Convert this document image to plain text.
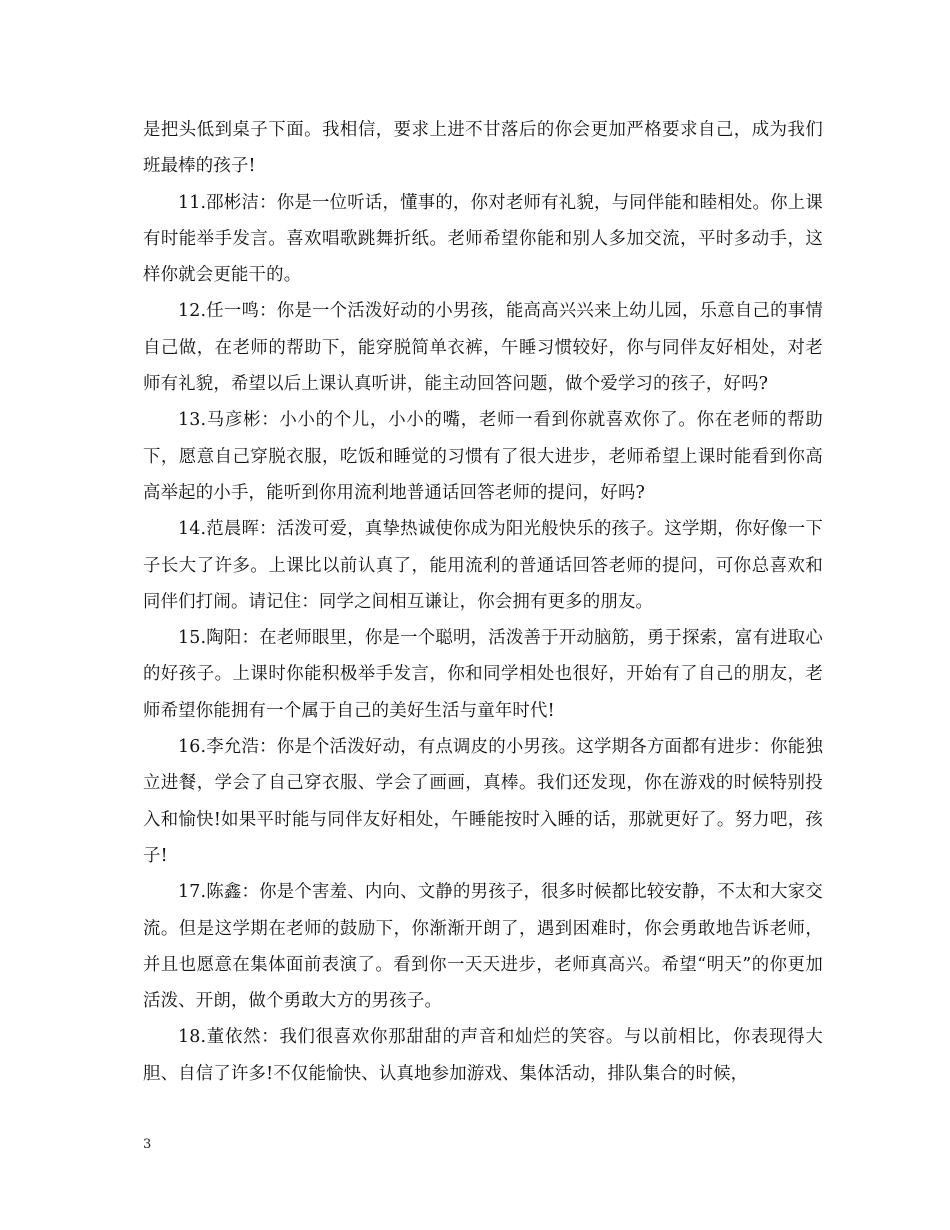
是把头低到桌子下面。我相信，要求上进不甘落后的你会更加严格要求自己，成为我们班最棒的孩子!

11.邵彬洁：你是一位听话，懂事的，你对老师有礼貌，与同伴能和睦相处。你上课有时能举手发言。喜欢唱歌跳舞折纸。老师希望你能和别人多加交流，平时多动手，这样你就会更能干的。

12.任一鸣：你是一个活泼好动的小男孩，能高高兴兴来上幼儿园，乐意自己的事情自己做，在老师的帮助下，能穿脱简单衣裤，午睡习惯较好，你与同伴友好相处，对老师有礼貌，希望以后上课认真听讲，能主动回答问题，做个爱学习的孩子，好吗?

13.马彦彬：小小的个儿，小小的嘴，老师一看到你就喜欢你了。你在老师的帮助下，愿意自己穿脱衣服，吃饭和睡觉的习惯有了很大进步，老师希望上课时能看到你高高举起的小手，能听到你用流利地普通话回答老师的提问，好吗?

14.范晨晖：活泼可爱，真挚热诚使你成为阳光般快乐的孩子。这学期，你好像一下子长大了许多。上课比以前认真了，能用流利的普通话回答老师的提问，可你总喜欢和同伴们打闹。请记住：同学之间相互谦让，你会拥有更多的朋友。

15.陶阳：在老师眼里，你是一个聪明，活泼善于开动脑筋，勇于探索，富有进取心的好孩子。上课时你能积极举手发言，你和同学相处也很好，开始有了自己的朋友，老师希望你能拥有一个属于自己的美好生活与童年时代!

16.李允浩：你是个活泼好动，有点调皮的小男孩。这学期各方面都有进步：你能独立进餐，学会了自己穿衣服、学会了画画，真棒。我们还发现，你在游戏的时候特别投入和愉快!如果平时能与同伴友好相处，午睡能按时入睡的话，那就更好了。努力吧，孩子!

17.陈鑫：你是个害羞、内向、文静的男孩子，很多时候都比较安静，不太和大家交流。但是这学期在老师的鼓励下，你渐渐开朗了，遇到困难时，你会勇敢地告诉老师，并且也愿意在集体面前表演了。看到你一天天进步，老师真高兴。希望“明天”的你更加活泼、开朗，做个勇敢大方的男孩子。

18.董依然：我们很喜欢你那甜甜的声音和灿烂的笑容。与以前相比，你表现得大胆、自信了许多!不仅能愉快、认真地参加游戏、集体活动，排队集合的时候，

3
